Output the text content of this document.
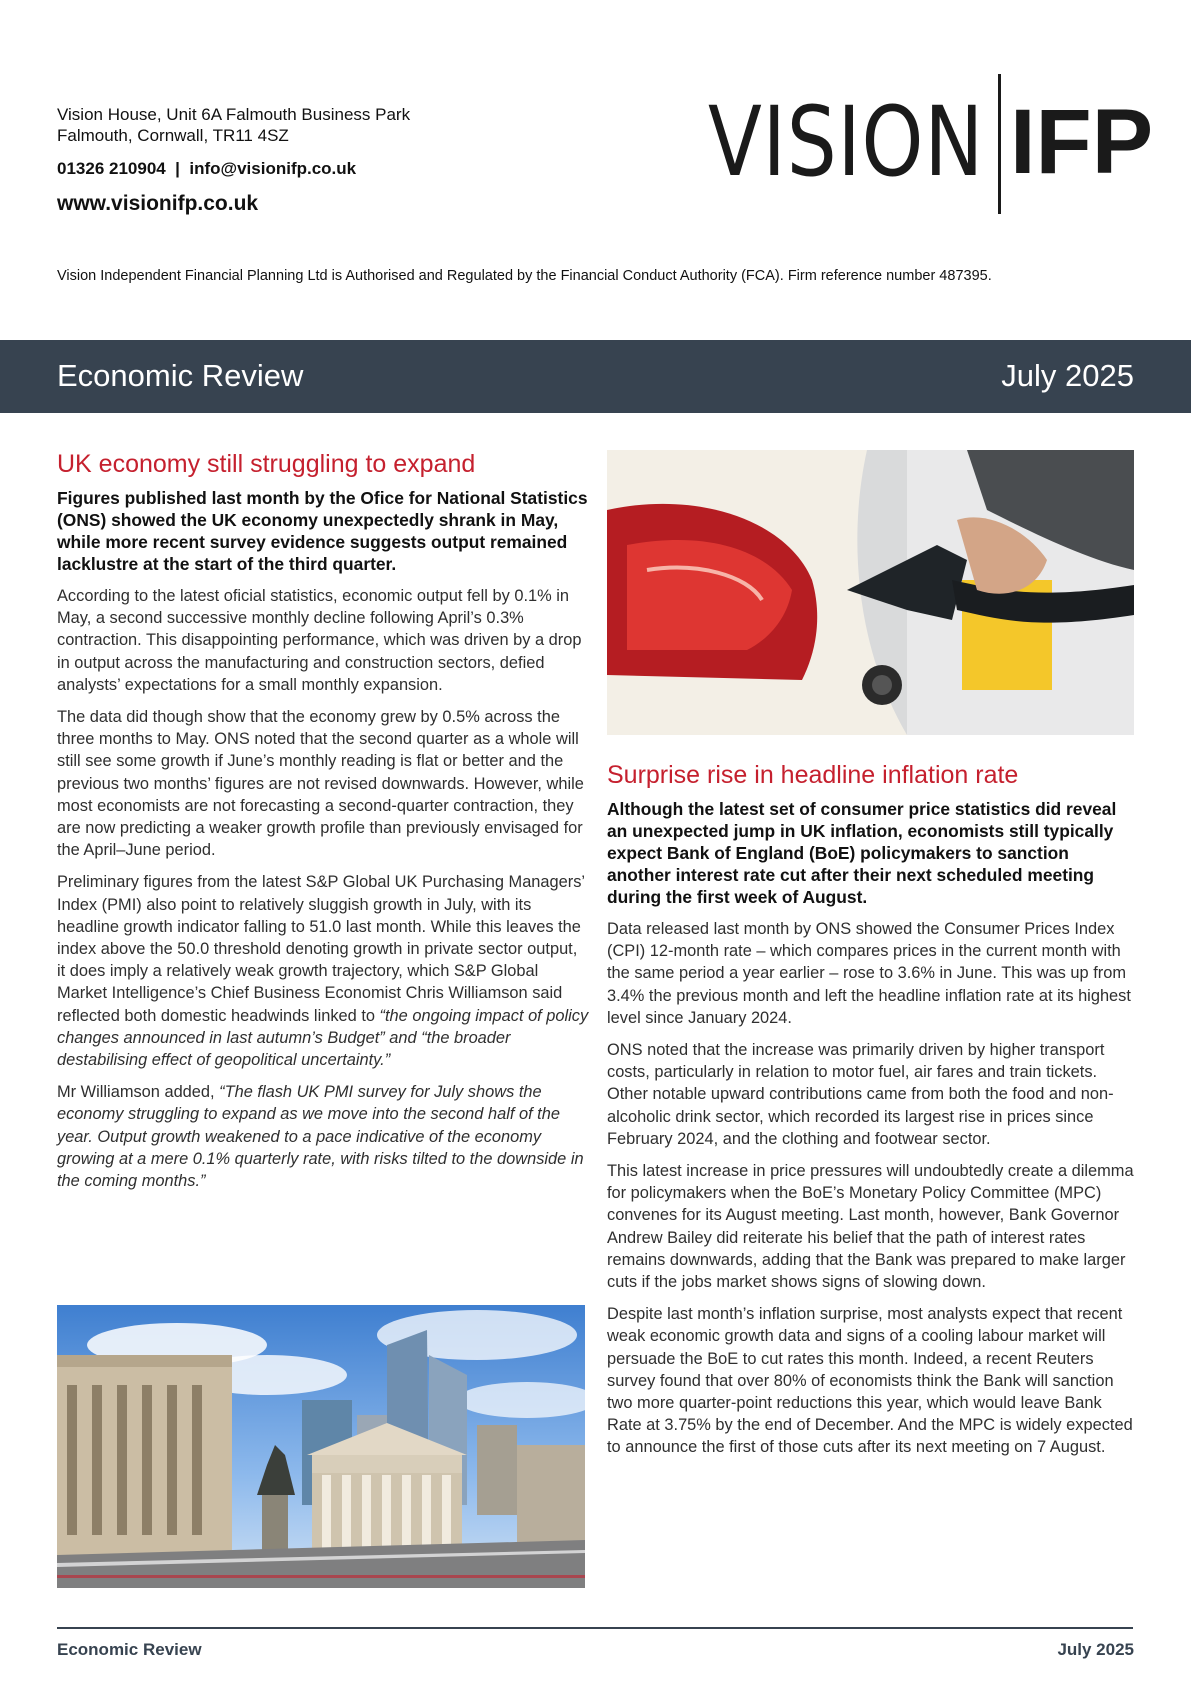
Vision House, Unit 6A Falmouth Business Park
Falmouth, Cornwall, TR11 4SZ
01326 210904  |  info@visionifp.co.uk
www.visionifp.co.uk
VISION IFP
Vision Independent Financial Planning Ltd is Authorised and Regulated by the Financial Conduct Authority (FCA). Firm reference number 487395.
Economic Review	July 2025
UK economy still struggling to expand
Figures published last month by the Ofice for National Statistics (ONS) showed the UK economy unexpectedly shrank in May, while more recent survey evidence suggests output remained lacklustre at the start of the third quarter.

According to the latest oficial statistics, economic output fell by 0.1% in May, a second successive monthly decline following April’s 0.3% contraction. This disappointing performance, which was driven by a drop in output across the manufacturing and construction sectors, defied analysts’ expectations for a small monthly expansion.

The data did though show that the economy grew by 0.5% across the three months to May. ONS noted that the second quarter as a whole will still see some growth if June’s monthly reading is flat or better and the previous two months’ figures are not revised downwards. However, while most economists are not forecasting a second-quarter contraction, they are now predicting a weaker growth profile than previously envisaged for the April–June period.

Preliminary figures from the latest S&P Global UK Purchasing Managers’ Index (PMI) also point to relatively sluggish growth in July, with its headline growth indicator falling to 51.0 last month. While this leaves the index above the 50.0 threshold denoting growth in private sector output, it does imply a relatively weak growth trajectory, which S&P Global Market Intelligence’s Chief Business Economist Chris Williamson said reflected both domestic headwinds linked to “the ongoing impact of policy changes announced in last autumn’s Budget” and “the broader destabilising effect of geopolitical uncertainty.”

Mr Williamson added, “The flash UK PMI survey for July shows the economy struggling to expand as we move into the second half of the year. Output growth weakened to a pace indicative of the economy growing at a mere 0.1% quarterly rate, with risks tilted to the downside in the coming months.”

Surprise rise in headline inflation rate
Although the latest set of consumer price statistics did reveal an unexpected jump in UK inflation, economists still typically expect Bank of England (BoE) policymakers to sanction another interest rate cut after their next scheduled meeting during the first week of August.

Data released last month by ONS showed the Consumer Prices Index (CPI) 12-month rate – which compares prices in the current month with the same period a year earlier – rose to 3.6% in June. This was up from 3.4% the previous month and left the headline inflation rate at its highest level since January 2024.

ONS noted that the increase was primarily driven by higher transport costs, particularly in relation to motor fuel, air fares and train tickets. Other notable upward contributions came from both the food and non-alcoholic drink sector, which recorded its largest rise in prices since February 2024, and the clothing and footwear sector.

This latest increase in price pressures will undoubtedly create a dilemma for policymakers when the BoE’s Monetary Policy Committee (MPC) convenes for its August meeting. Last month, however, Bank Governor Andrew Bailey did reiterate his belief that the path of interest rates remains downwards, adding that the Bank was prepared to make larger cuts if the jobs market shows signs of slowing down.

Despite last month’s inflation surprise, most analysts expect that recent weak economic growth data and signs of a cooling labour market will persuade the BoE to cut rates this month. Indeed, a recent Reuters survey found that over 80% of economists think the Bank will sanction two more quarter-point reductions this year, which would leave Bank Rate at 3.75% by the end of December. And the MPC is widely expected to announce the first of those cuts after its next meeting on 7 August.

Economic Review	July 2025
